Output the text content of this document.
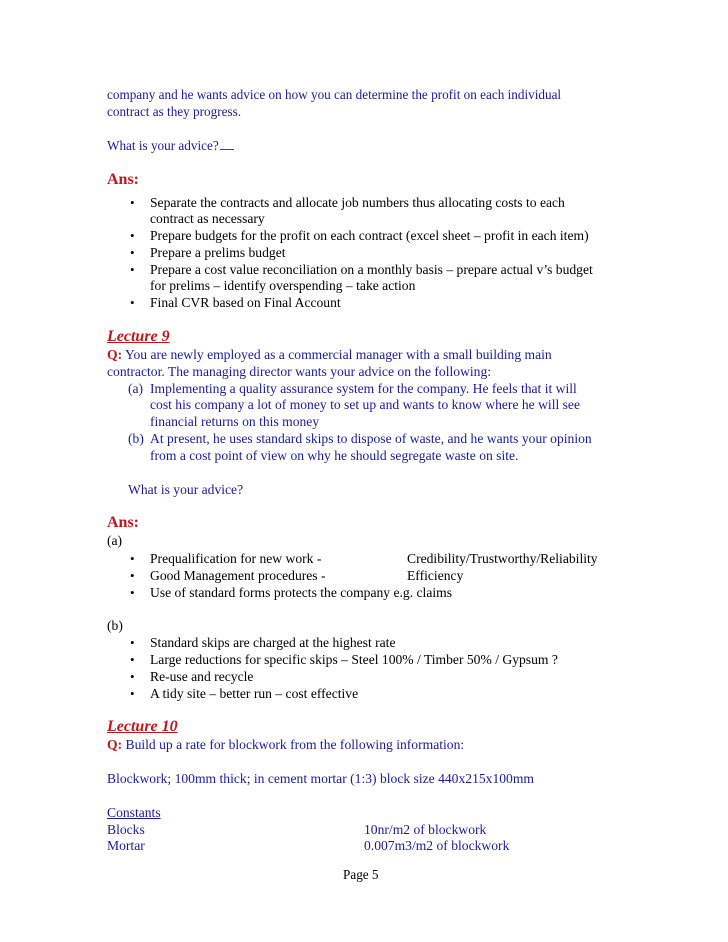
company and he wants advice on how you can determine the profit on each individual
contract as they progress.
What is your advice?
Ans:
• Separate the contracts and allocate job numbers thus allocating costs to each
contract as necessary
• Prepare budgets for the profit on each contract (excel sheet – profit in each item)
• Prepare a prelims budget
• Prepare a cost value reconciliation on a monthly basis – prepare actual v’s budget
for prelims – identify overspending – take action
• Final CVR based on Final Account
Lecture 9
Q: You are newly employed as a commercial manager with a small building main
contractor. The managing director wants your advice on the following:
(a) Implementing a quality assurance system for the company. He feels that it will
cost his company a lot of money to set up and wants to know where he will see
financial returns on this money
(b) At present, he uses standard skips to dispose of waste, and he wants your opinion
from a cost point of view on why he should segregate waste on site.
What is your advice?
Ans:
(a)
• Prequalification for new work -	Credibility/Trustworthy/Reliability
• Good Management procedures -	Efficiency
• Use of standard forms protects the company e.g. claims
(b)
• Standard skips are charged at the highest rate
• Large reductions for specific skips – Steel 100% / Timber 50% / Gypsum ?
• Re-use and recycle
• A tidy site – better run – cost effective
Lecture 10
Q: Build up a rate for blockwork from the following information:
Blockwork; 100mm thick; in cement mortar (1:3) block size 440x215x100mm
Constants
Blocks	10nr/m2 of blockwork
Mortar	0.007m3/m2 of blockwork
Page 5
